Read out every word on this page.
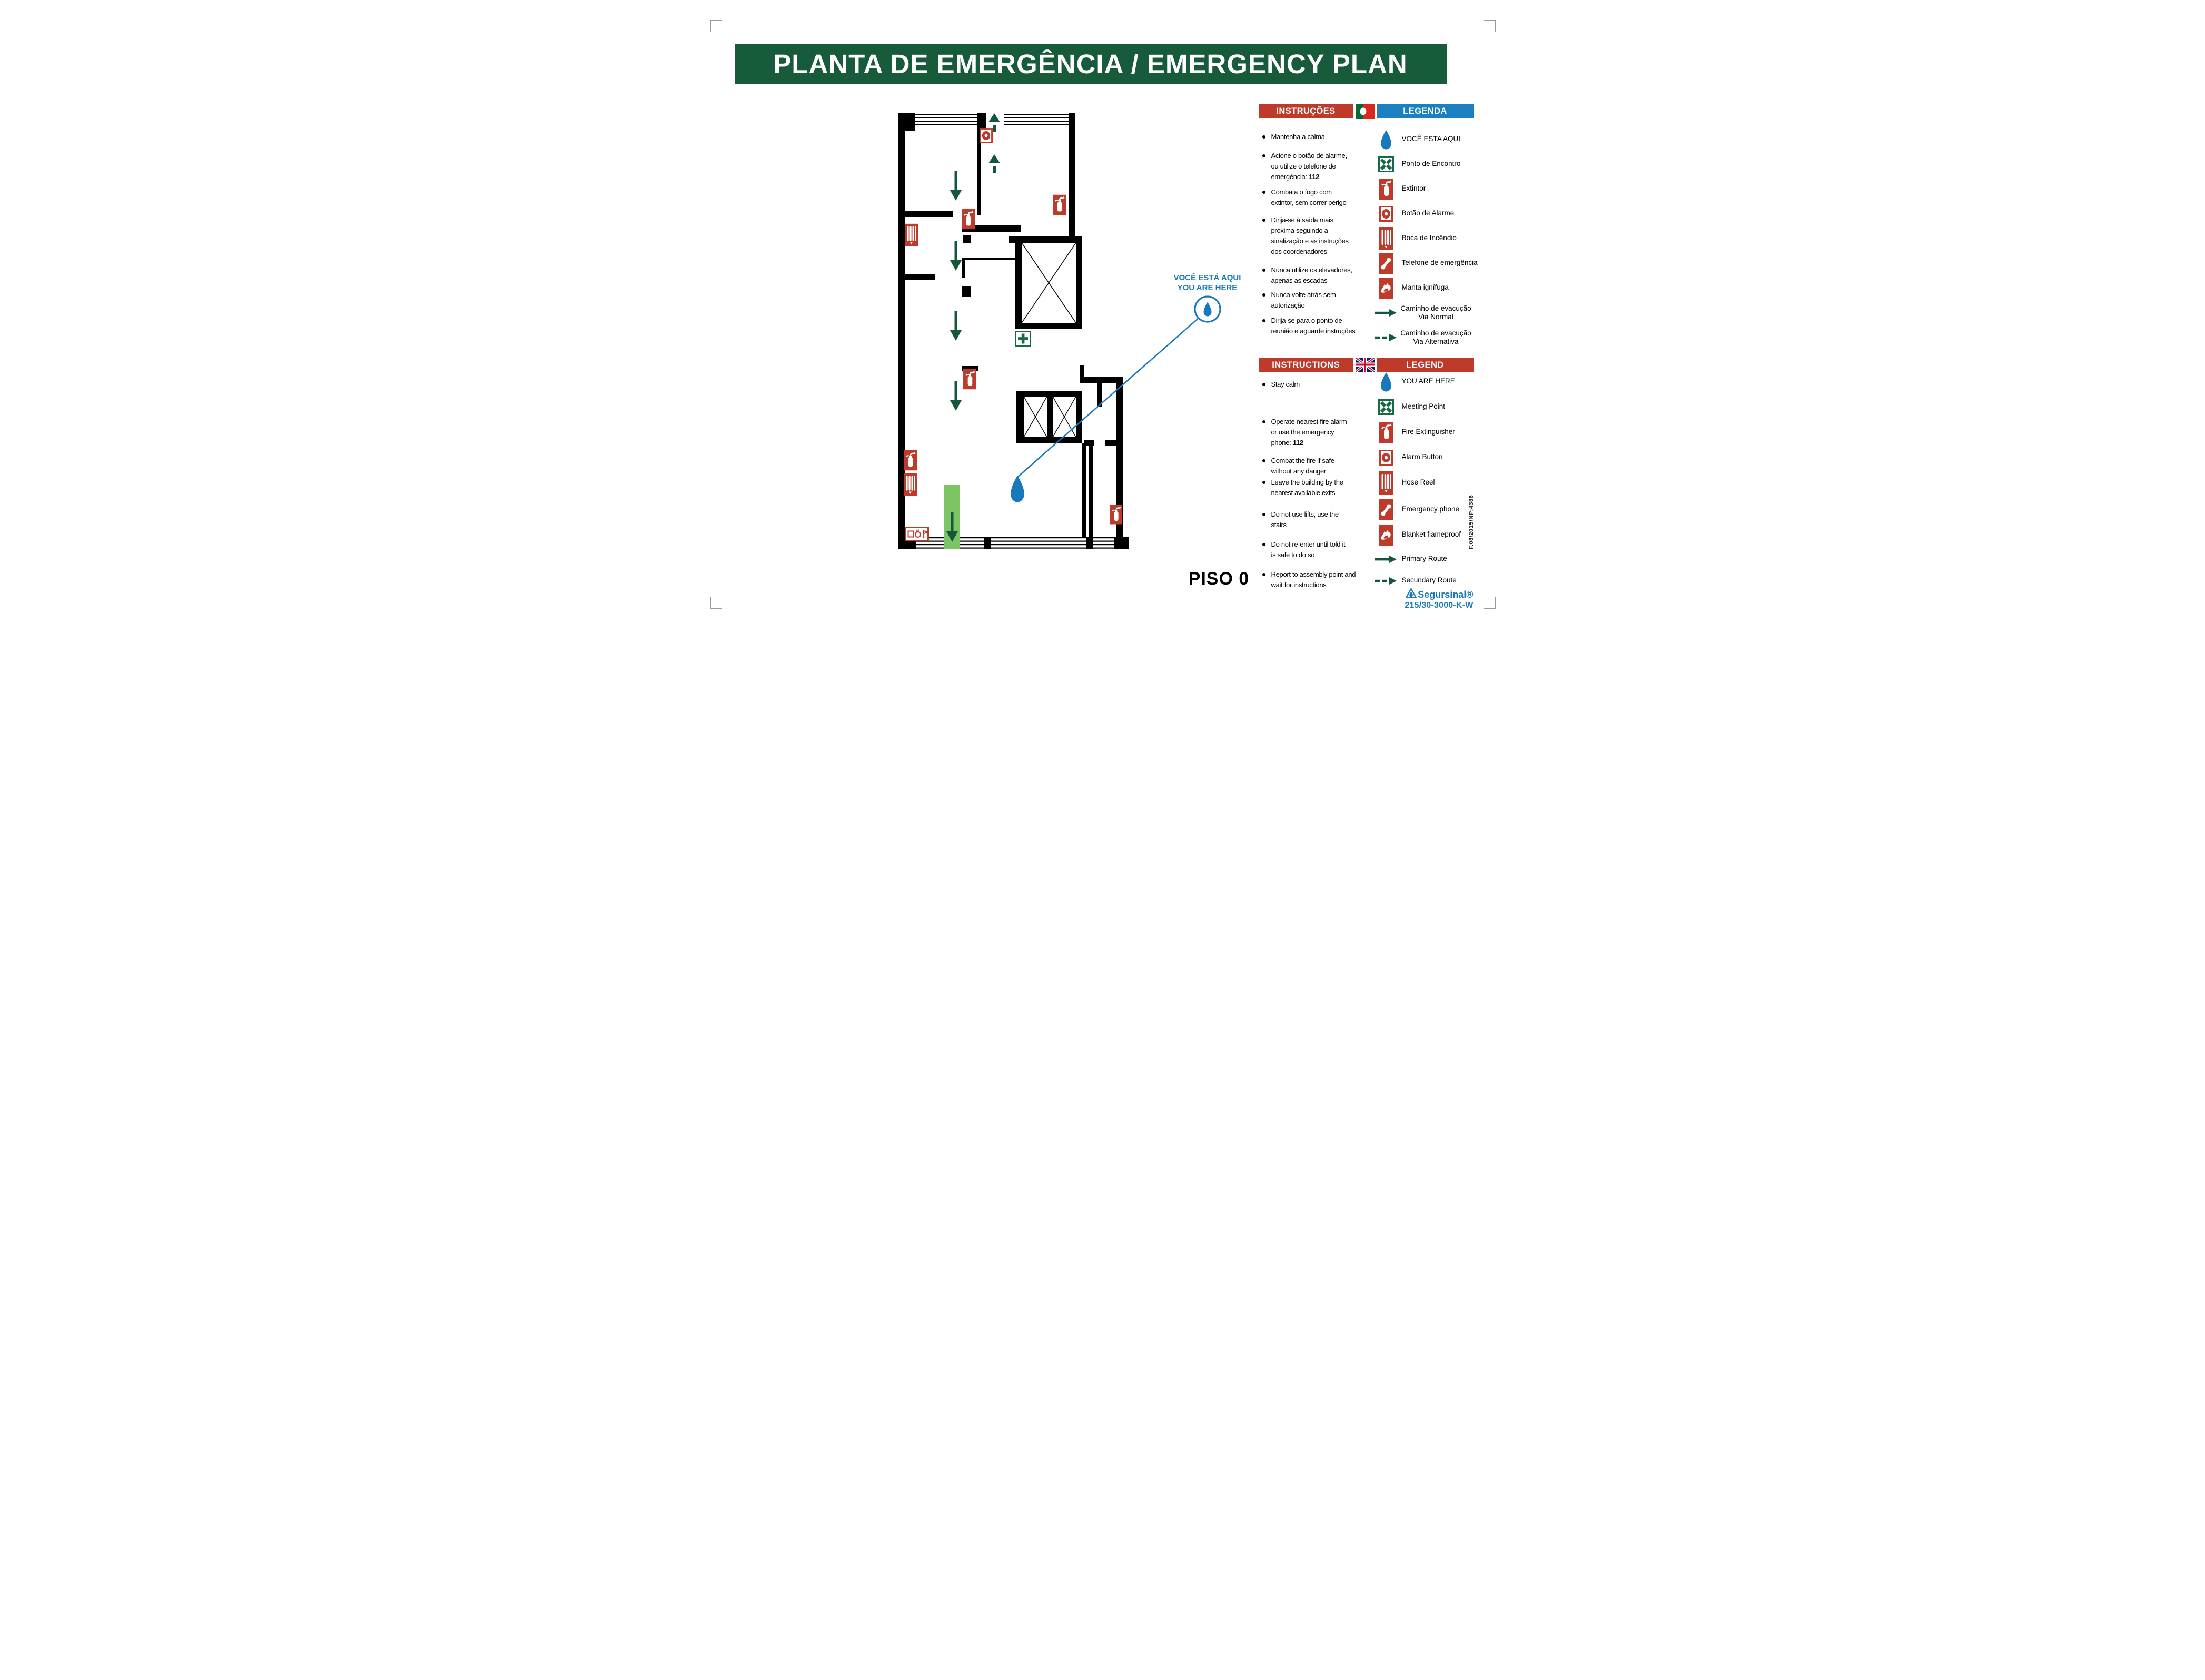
PLANTA DE EMERGÊNCIA / EMERGENCY PLAN
VOCÊ ESTÁ AQUI
YOU ARE HERE
INSTRUÇÕES	LEGENDA
INSTRUCTIONS	LEGEND
Mantenha a calma
Acione o botão de alarme,
ou utilize o telefone de
emergência: 112
Combata o fogo com
extintor, sem correr perigo
Dirija-se à saìda mais
próxima seguindo a
sinalização e as instruções
dos coordenadores
Nunca utilize os elevadores,
apenas as escadas
Nunca volte atrás sem
autorização
Dirija-se para o ponto de
reunião e aguarde instruções
Stay calm
Operate nearest fire alarm
or use the emergency
phone: 112
Combat the fire if safe
without any danger
Leave the building by the
nearest available exits
Do not use lifts, use the
stairs
Do not re-enter until told it
is safe to do so
Report to assembly point and
wait for instructions
VOCÊ ESTA AQUI
Ponto de Encontro
Extintor
Botão de Alarme
Boca de Incêndio
Telefone de emergência
Manta ignífuga
Caminho de evacução
Via Normal
Caminho de evacução
Via Alternativa
YOU ARE HERE
Meeting Point
Fire Extinguisher
Alarm Button
Hose Reel
Emergency phone
Blanket flameproof
Primary Route
Secundary Route
PISO 0
Segursinal®
215/30-3000-K-W
F.08/2015/NP:4386
